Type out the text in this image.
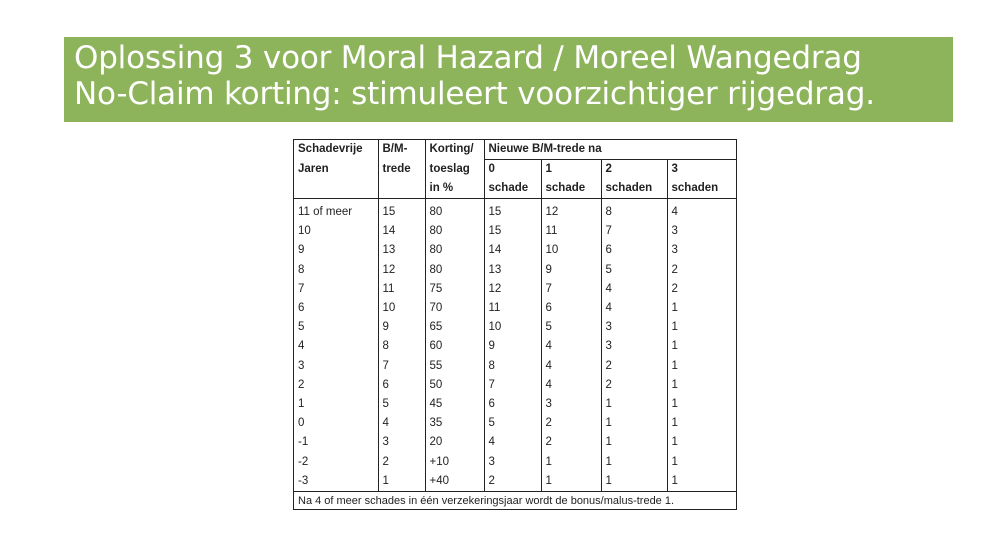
Oplossing 3 voor Moral Hazard / Moreel Wangedrag
No-Claim korting: stimuleert voorzichtiger rijgedrag.
Schadevrije	B/M-	Korting/	Nieuwe B/M-trede na			
Jaren	trede	toeslag	0	1	2	3
		in %	schade	schade	schaden	schaden

11 of meer	15	80	15	12	8	4
10	14	80	15	11	7	3
9	13	80	14	10	6	3
8	12	80	13	9	5	2
7	11	75	12	7	4	2
6	10	70	11	6	4	1
5	9	65	10	5	3	1
4	8	60	9	4	3	1
3	7	55	8	4	2	1
2	6	50	7	4	2	1
1	5	45	6	3	1	1
0	4	35	5	2	1	1
-1	3	20	4	2	1	1
-2	2	+10	3	1	1	1
-3	1	+40	2	1	1	1
Na 4 of meer schades in één verzekeringsjaar wordt de bonus/malus-trede 1.						
